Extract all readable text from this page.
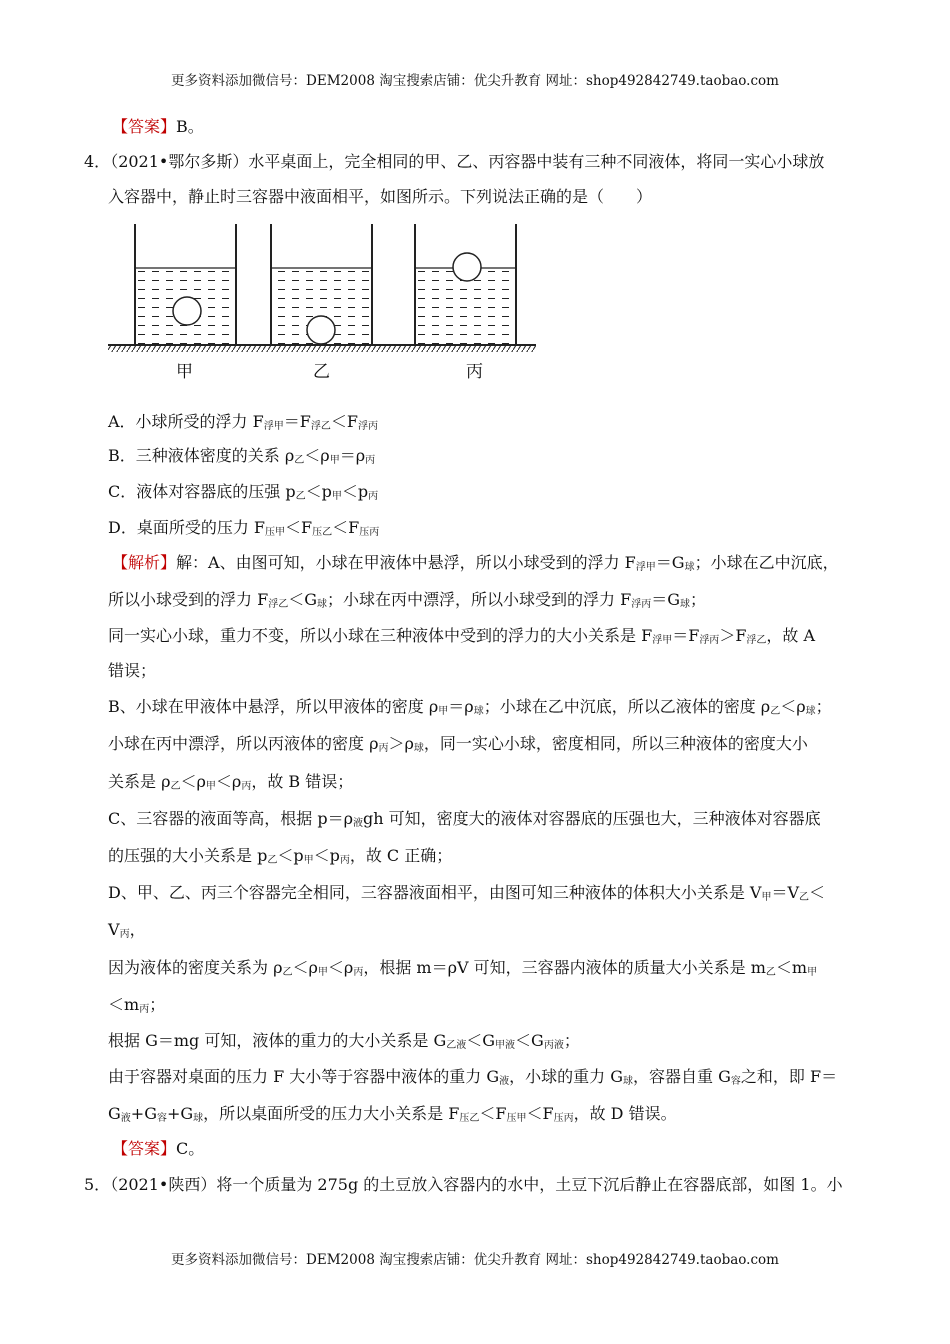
更多资料添加微信号：DEM2008 淘宝搜索店铺：优尖升教育 网址：shop492842749.taobao.com
【答案】B。
4．（2021•鄂尔多斯）水平桌面上，完全相同的甲、乙、丙容器中装有三种不同液体，将同一实心小球放
入容器中，静止时三容器中液面相平，如图所示。下列说法正确的是（　　）
甲	乙	丙
A．小球所受的浮力 $F_{浮甲}=F_{浮乙}<F_{浮丙}$
B．三种液体密度的关系 $\rho_乙<\rho_甲=\rho_丙$
C．液体对容器底的压强 $p_乙<p_甲<p_丙$
D．桌面所受的压力 $F_{压甲}<F_{压乙}<F_{压丙}$
【解析】解：A、由图可知，小球在甲液体中悬浮，所以小球受到的浮力 $F_{浮甲}=G_球$；小球在乙中沉底，
所以小球受到的浮力 $F_{浮乙}<G_球$；小球在丙中漂浮，所以小球受到的浮力 $F_{浮丙}=G_球$；
同一实心小球，重力不变，所以小球在三种液体中受到的浮力的大小关系是 $F_{浮甲}=F_{浮丙}>F_{浮乙}$，故 A
错误；
B、小球在甲液体中悬浮，所以甲液体的密度 $\rho_甲=\rho_球$；小球在乙中沉底，所以乙液体的密度 $\rho_乙<\rho_球$；
小球在丙中漂浮，所以丙液体的密度 $\rho_丙>\rho_球$，同一实心小球，密度相同，所以三种液体的密度大小
关系是 $\rho_乙<\rho_甲<\rho_丙$，故 B 错误；
C、三容器的液面等高，根据 $p=\rho_液gh$ 可知，密度大的液体对容器底的压强也大，三种液体对容器底
的压强的大小关系是 $p_乙<p_甲<p_丙$，故 C 正确；
D、甲、乙、丙三个容器完全相同，三容器液面相平，由图可知三种液体的体积大小关系是 $V_甲=V_乙<$
$V_丙$，
因为液体的密度关系为 $\rho_乙<\rho_甲<\rho_丙$，根据 m＝ρV 可知，三容器内液体的质量大小关系是 $m_乙<m_甲$
$<m_丙$；
根据 G＝mg 可知，液体的重力的大小关系是 $G_{乙液}<G_{甲液}<G_{丙液}$；
由于容器对桌面的压力 F 大小等于容器中液体的重力 $G_液$，小球的重力 $G_球$，容器自重 $G_容$之和，即 F＝
$G_液+G_容+G_球$，所以桌面所受的压力大小关系是 $F_{压乙}<F_{压甲}<F_{压丙}$，故 D 错误。
【答案】C。
5．（2021•陕西）将一个质量为 275g 的土豆放入容器内的水中，土豆下沉后静止在容器底部，如图 1。小
更多资料添加微信号：DEM2008 淘宝搜索店铺：优尖升教育 网址：shop492842749.taobao.com
